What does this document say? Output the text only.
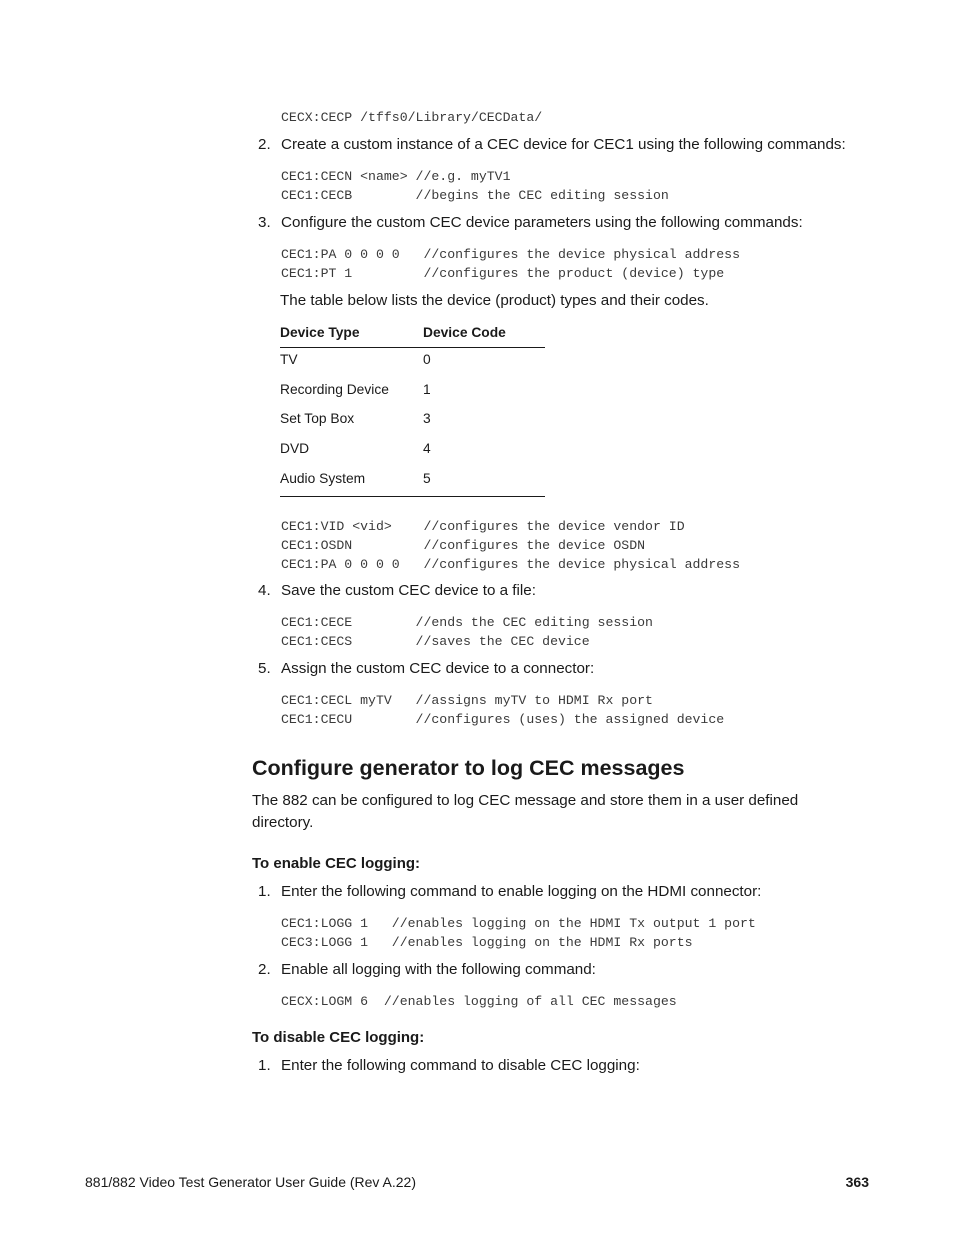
CECX:CECP /tffs0/Library/CECData/
2. Create a custom instance of a CEC device for CEC1 using the following commands:
CEC1:CECN <name> //e.g. myTV1
CEC1:CECB        //begins the CEC editing session
3. Configure the custom CEC device parameters using the following commands:
CEC1:PA 0 0 0 0   //configures the device physical address
CEC1:PT 1         //configures the product (device) type
The table below lists the device (product) types and their codes.
Device Type	Device Code
TV	0
Recording Device 1
Set Top Box	3
DVD	4
Audio System	5
CEC1:VID <vid>    //configures the device vendor ID
CEC1:OSDN         //configures the device OSDN
CEC1:PA 0 0 0 0   //configures the device physical address
4. Save the custom CEC device to a file:
CEC1:CECE        //ends the CEC editing session
CEC1:CECS        //saves the CEC device
5. Assign the custom CEC device to a connector:
CEC1:CECL myTV   //assigns myTV to HDMI Rx port
CEC1:CECU        //configures (uses) the assigned device
Configure generator to log CEC messages
The 882 can be configured to log CEC message and store them in a user defined
directory.
To enable CEC logging:
1. Enter the following command to enable logging on the HDMI connector:
CEC1:LOGG 1   //enables logging on the HDMI Tx output 1 port
CEC3:LOGG 1   //enables logging on the HDMI Rx ports
2. Enable all logging with the following command:
CECX:LOGM 6  //enables logging of all CEC messages
To disable CEC logging:
1. Enter the following command to disable CEC logging:
881/882 Video Test Generator User Guide (Rev A.22)	363
